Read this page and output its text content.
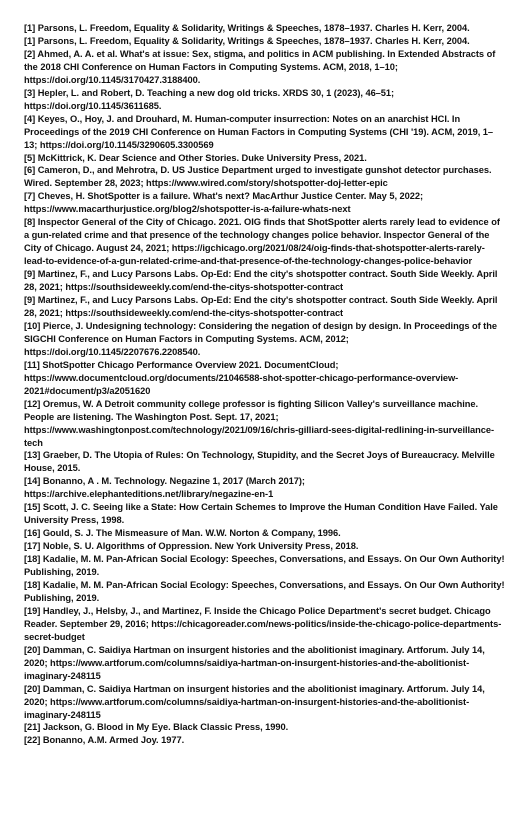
[1] Parsons, L. Freedom, Equality & Solidarity, Writings & Speeches, 1878–1937. Charles H. Kerr, 2004.

[1] Parsons, L. Freedom, Equality & Solidarity, Writings & Speeches, 1878–1937. Charles H. Kerr, 2004.

[2] Ahmed, A. A. et al. What's at issue: Sex, stigma, and politics in ACM publishing. In Extended Abstracts of the 2018 CHI Conference on Human Factors in Computing Systems. ACM, 2018, 1–10; https://doi.org/10.1145/3170427.3188400.

[3] Hepler, L. and Robert, D. Teaching a new dog old tricks. XRDS 30, 1 (2023), 46–51; https://doi.org/10.1145/3611685.

[4] Keyes, O., Hoy, J. and Drouhard, M. Human-computer insurrection: Notes on an anarchist HCI. In Proceedings of the 2019 CHI Conference on Human Factors in Computing Systems (CHI '19). ACM, 2019, 1–13; https://doi.org/10.1145/3290605.3300569

[5] McKittrick, K. Dear Science and Other Stories. Duke University Press, 2021.

[6] Cameron, D., and Mehrotra, D. US Justice Department urged to investigate gunshot detector purchases. Wired. September 28, 2023; https://www.wired.com/story/shotspotter-doj-letter-epic

[7] Cheves, H. ShotSpotter is a failure. What's next? MacArthur Justice Center. May 5, 2022; https://www.macarthurjustice.org/blog2/shotspotter-is-a-failure-whats-next

[8] Inspector General of the City of Chicago. 2021. OIG finds that ShotSpotter alerts rarely lead to evidence of a gun-related crime and that presence of the technology changes police behavior. Inspector General of the City of Chicago. August 24, 2021; https://igchicago.org/2021/08/24/oig-finds-that-shotspotter-alerts-rarely-lead-to-evidence-of-a-gun-related-crime-and-that-presence-of-the-technology-changes-police-behavior

[9] Martinez, F., and Lucy Parsons Labs. Op-Ed: End the city's shotspotter contract. South Side Weekly. April 28, 2021; https://southsideweekly.com/end-the-citys-shotspotter-contract

[9] Martinez, F., and Lucy Parsons Labs. Op-Ed: End the city's shotspotter contract. South Side Weekly. April 28, 2021; https://southsideweekly.com/end-the-citys-shotspotter-contract

[10] Pierce, J. Undesigning technology: Considering the negation of design by design. In Proceedings of the SIGCHI Conference on Human Factors in Computing Systems. ACM, 2012; https://doi.org/10.1145/2207676.2208540.

[11] ShotSpotter Chicago Performance Overview 2021. DocumentCloud; https://www.documentcloud.org/documents/21046588-shot-spotter-chicago-performance-overview-2021#document/p3/a2051620

[12] Oremus, W. A Detroit community college professor is fighting Silicon Valley's surveillance machine. People are listening. The Washington Post. Sept. 17, 2021; https://www.washingtonpost.com/technology/2021/09/16/chris-gilliard-sees-digital-redlining-in-surveillance-tech

[13] Graeber, D. The Utopia of Rules: On Technology, Stupidity, and the Secret Joys of Bureaucracy. Melville House, 2015.

[14] Bonanno, A . M. Technology. Negazine 1, 2017 (March 2017); https://archive.elephanteditions.net/library/negazine-en-1

[15] Scott, J. C. Seeing like a State: How Certain Schemes to Improve the Human Condition Have Failed. Yale University Press, 1998.

[16] Gould, S. J. The Mismeasure of Man. W.W. Norton & Company, 1996.

[17] Noble, S. U. Algorithms of Oppression. New York University Press, 2018.

[18] Kadalie, M. M. Pan-African Social Ecology: Speeches, Conversations, and Essays. On Our Own Authority! Publishing, 2019.

[18] Kadalie, M. M. Pan-African Social Ecology: Speeches, Conversations, and Essays. On Our Own Authority! Publishing, 2019.

[19] Handley, J., Helsby, J., and Martinez, F. Inside the Chicago Police Department's secret budget. Chicago Reader. September 29, 2016; https://chicagoreader.com/news-politics/inside-the-chicago-police-departments-secret-budget

[20] Damman, C. Saidiya Hartman on insurgent histories and the abolitionist imaginary. Artforum. July 14, 2020; https://www.artforum.com/columns/saidiya-hartman-on-insurgent-histories-and-the-abolitionist-imaginary-248115

[20] Damman, C. Saidiya Hartman on insurgent histories and the abolitionist imaginary. Artforum. July 14, 2020; https://www.artforum.com/columns/saidiya-hartman-on-insurgent-histories-and-the-abolitionist-imaginary-248115

[21] Jackson, G. Blood in My Eye. Black Classic Press, 1990.

[22] Bonanno, A.M. Armed Joy. 1977.
